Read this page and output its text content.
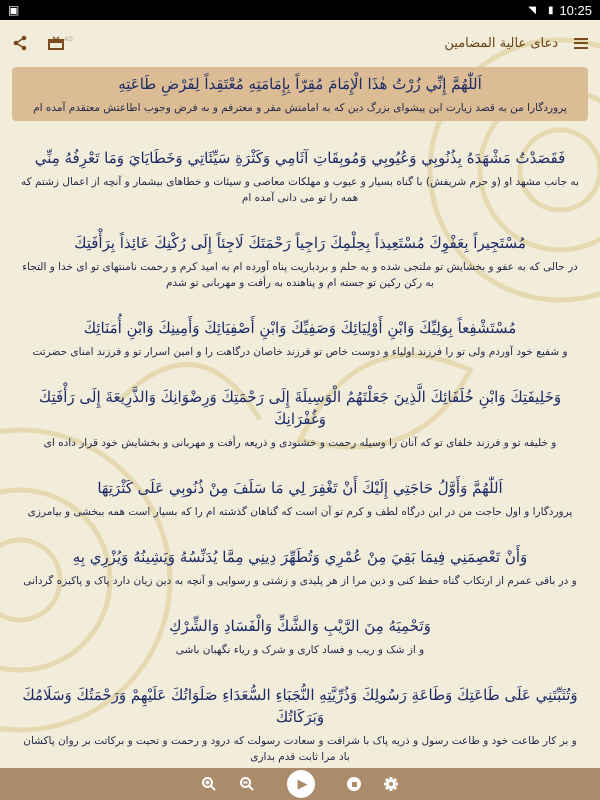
▣	◥ ▮ 10:25
دعای عالیة المضامین
AD
اَللّٰهُمَّ إِنِّي زُرْتُ هٰذَا الْإِمَامَ مُقِرّاً بِإِمَامَتِهِ مُعْتَقِداً لِفَرْضِ طَاعَتِهِ
پروردگارا من به قصد زیارت این پیشوای بزرگ دین که به امامتش مقر و معترفم و به فرض وجوب اطاعتش معتقدم آمده ام
فَقَصَدْتُ مَشْهَدَهُ بِذُنُوبِي وَعُيُوبِي وَمُوبِقَاتِ آثَامِي وَكَثْرَةِ سَيِّئَاتِي وَخَطَايَايَ وَمَا تَعْرِفُهُ مِنِّي
به جانب مشهد او (و حرم شریفش) با گناه بسیار و عیوب و مهلکات معاصی و سیئات و خطاهای بیشمار و آنچه از اعمال زشتم که همه را تو می دانی آمده ام
مُسْتَجِيراً بِعَفْوِكَ مُسْتَعِيذاً بِحِلْمِكَ رَاجِياً رَحْمَتَكَ لَاجِئاً إِلَى رُكْنِكَ عَائِذاً بِرَأْفَتِكَ
در حالی که به عفو و بخشایش تو ملتجی شده و به حلم و بردباریت پناه آورده ام به امید کرم و رحمت نامنتهای تو ای خدا و التجاء به رکن رکین تو جسته ام و پناهنده به رأفت و مهربانی تو شدم
مُسْتَشْفِعاً بِوَلِيِّكَ وَابْنِ أَوْلِيَائِكَ وَصَفِيِّكَ وَابْنِ أَصْفِيَائِكَ وَأَمِينِكَ وَابْنِ أُمَنَائِكَ
و شفیع خود آوردم ولی تو را فرزند اولیاء و دوست خاص تو فرزند خاصان درگاهت را و امین اسرار تو و فرزند امنای حضرتت
وَخَلِيفَتِكَ وَابْنِ خُلَفَائِكَ الَّذِينَ جَعَلْتَهُمُ الْوَسِيلَةَ إِلَى رَحْمَتِكَ وَرِضْوَانِكَ وَالذَّرِيعَةَ إِلَى رَأْفَتِكَ وَغُفْرَانِكَ
و خلیفه تو و فرزند خلفای تو که آنان را وسیله رحمت و خشنودی و ذریعه رأفت و مهربانی و بخشایش خود قرار داده ای
اَللّٰهُمَّ وَأَوَّلُ حَاجَتِي إِلَيْكَ أَنْ تَغْفِرَ لِي مَا سَلَفَ مِنْ ذُنُوبِي عَلَى كَثْرَتِهَا
پروردگارا و اول حاجت من در این درگاه لطف و کرم تو آن است که گناهان گذشته ام را که بسیار است همه ببخشی و بیامرزی
وَأَنْ تَعْصِمَنِي فِيمَا بَقِيَ مِنْ عُمْرِي وَتُطَهِّرَ دِينِي مِمَّا يُدَنِّسُهُ وَيَشِينُهُ وَيُزْرِي بِهِ
و در باقی عمرم از ارتکاب گناه حفظ کنی و دین مرا از هر پلیدی و زشتی و رسوایی و آنچه به دین زیان دارد پاک و پاکیزه گردانی
وَتَحْمِيَهُ مِنَ الرَّيْبِ وَالشَّكِّ وَالْفَسَادِ وَالشِّرْكِ
و از شک و ریب و فساد کاری و شرک و ریاء نگهبان باشی
وَتُثَبِّتَنِي عَلَى طَاعَتِكَ وَطَاعَةِ رَسُولِكَ وَذُرِّيَّتِهِ النُّجَبَاءِ السُّعَدَاءِ صَلَوَاتُكَ عَلَيْهِمْ وَرَحْمَتُكَ وَسَلَامُكَ وَبَرَكَاتُكَ
و بر کار طاعت خود و طاعت رسول و ذریه پاک با شرافت و سعادت رسولت که درود و رحمت و تحیت و برکاتت بر روان پاکشان باد مرا ثابت قدم بداری
▶
